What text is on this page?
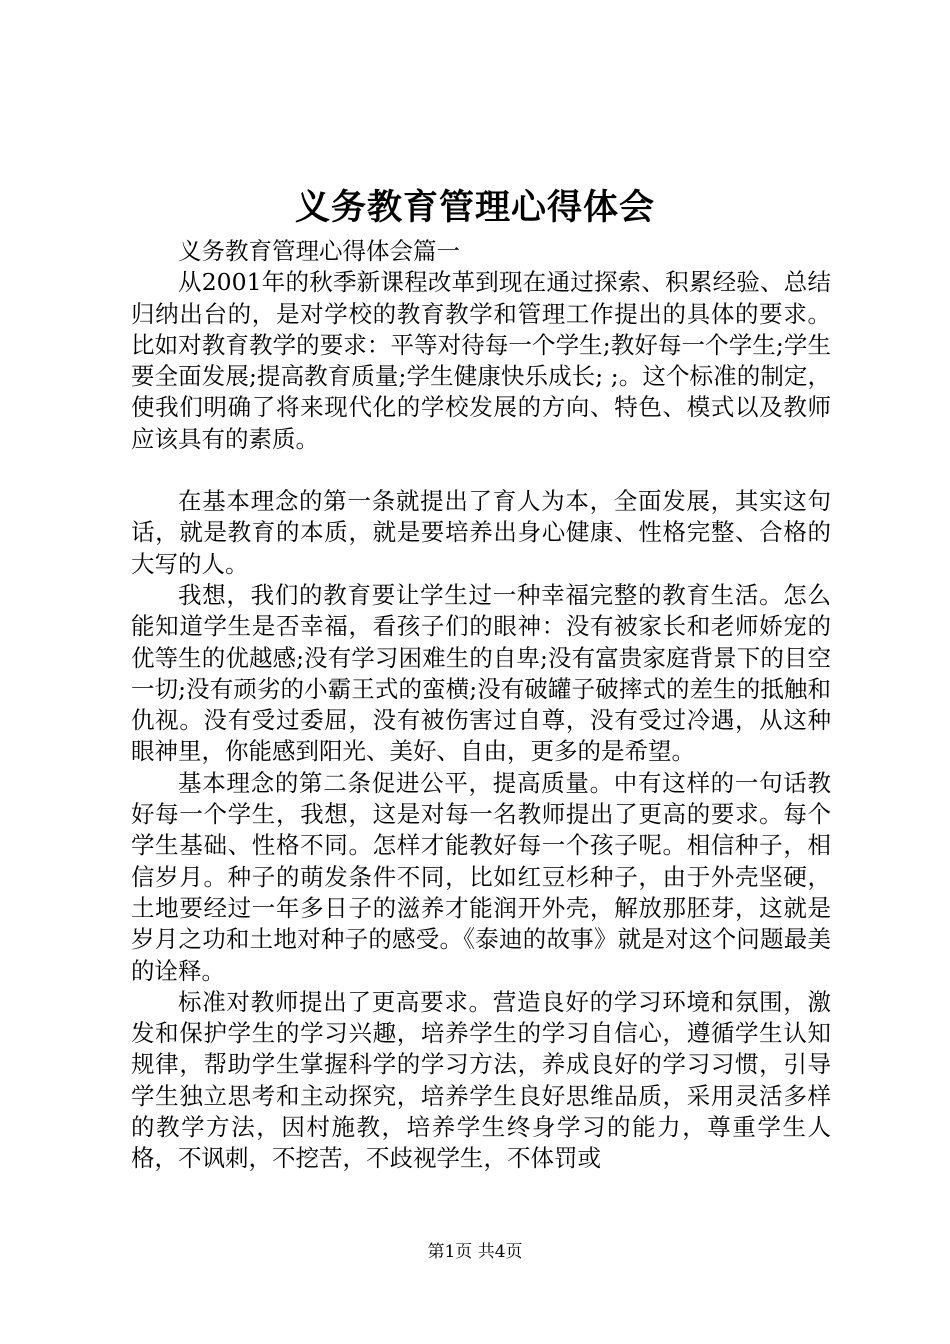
义务教育管理心得体会

义务教育管理心得体会篇一

从2001年的秋季新课程改革到现在通过探索、积累经验、总结归纳出台的，是对学校的教育教学和管理工作提出的具体的要求。比如对教育教学的要求：平等对待每一个学生;教好每一个学生;学生要全面发展;提高教育质量;学生健康快乐成长; ;。这个标准的制定，使我们明确了将来现代化的学校发展的方向、特色、模式以及教师应该具有的素质。

在基本理念的第一条就提出了育人为本，全面发展，其实这句话，就是教育的本质，就是要培养出身心健康、性格完整、合格的大写的人。

我想，我们的教育要让学生过一种幸福完整的教育生活。怎么能知道学生是否幸福，看孩子们的眼神：没有被家长和老师娇宠的优等生的优越感;没有学习困难生的自卑;没有富贵家庭背景下的目空一切;没有顽劣的小霸王式的蛮横;没有破罐子破摔式的差生的抵触和仇视。没有受过委屈，没有被伤害过自尊，没有受过冷遇，从这种眼神里，你能感到阳光、美好、自由，更多的是希望。

基本理念的第二条促进公平，提高质量。中有这样的一句话教好每一个学生，我想，这是对每一名教师提出了更高的要求。每个学生基础、性格不同。怎样才能教好每一个孩子呢。相信种子，相信岁月。种子的萌发条件不同，比如红豆杉种子，由于外壳坚硬，土地要经过一年多日子的滋养才能润开外壳，解放那胚芽，这就是岁月之功和土地对种子的感受。《泰迪的故事》就是对这个问题最美的诠释。

标准对教师提出了更高要求。营造良好的学习环境和氛围，激发和保护学生的学习兴趣，培养学生的学习自信心，遵循学生认知规律，帮助学生掌握科学的学习方法，养成良好的学习习惯，引导学生独立思考和主动探究，培养学生良好思维品质，采用灵活多样的教学方法，因村施教，培养学生终身学习的能力，尊重学生人格，不讽刺，不挖苦，不歧视学生，不体罚或

第1页 共4页
